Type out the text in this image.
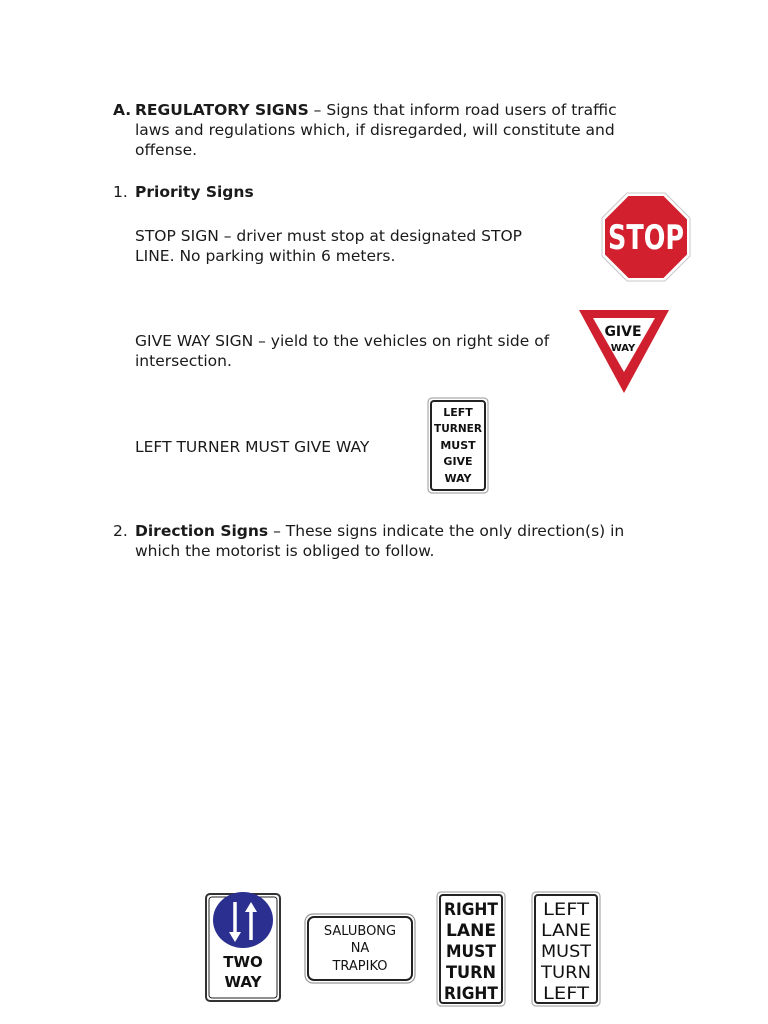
A. REGULATORY SIGNS – Signs that inform road users of traffic laws and regulations which, if disregarded, will constitute and offense.
1. Priority Signs
STOP SIGN – driver must stop at designated STOP LINE. No parking within 6 meters.
GIVE WAY SIGN – yield to the vehicles on right side of intersection.
LEFT TURNER MUST GIVE WAY
STOP
GIVE
WAY
LEFT
TURNER
MUST
GIVE
WAY
2. Direction Signs – These signs indicate the only direction(s) in which the motorist is obliged to follow.
TWO
WAY
SALUBONG
NA
TRAPIKO
RIGHT
LANE
MUST
TURN
RIGHT
LEFT
LANE
MUST
TURN
LEFT
